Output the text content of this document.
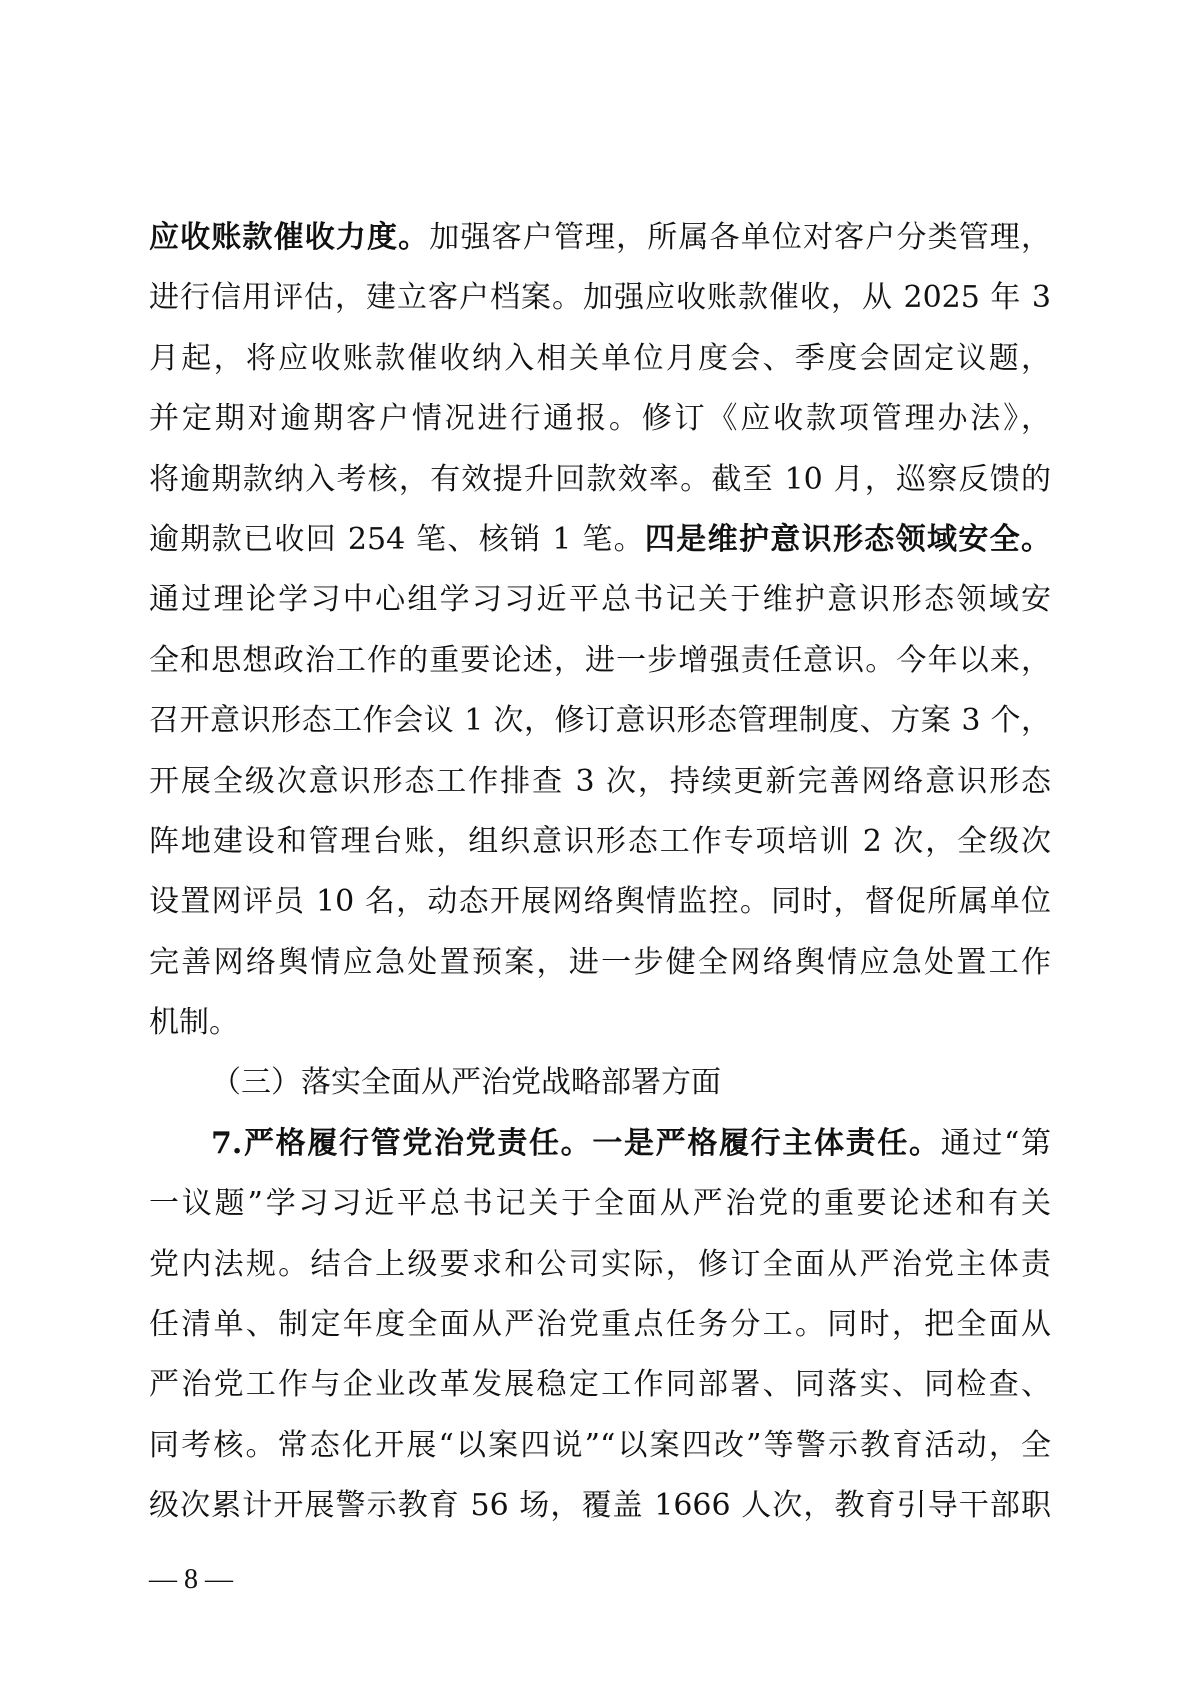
应收账款催收力度。加强客户管理，所属各单位对客户分类管理，
进行信用评估，建立客户档案。加强应收账款催收，从 2025 年 3
月起，将应收账款催收纳入相关单位月度会、季度会固定议题，
并定期对逾期客户情况进行通报。修订《应收款项管理办法》，
将逾期款纳入考核，有效提升回款效率。截至 10 月，巡察反馈的
逾期款已收回 254 笔、核销 1 笔。四是维护意识形态领域安全。
通过理论学习中心组学习习近平总书记关于维护意识形态领域安
全和思想政治工作的重要论述，进一步增强责任意识。今年以来，
召开意识形态工作会议 1 次，修订意识形态管理制度、方案 3 个，
开展全级次意识形态工作排查 3 次，持续更新完善网络意识形态
阵地建设和管理台账，组织意识形态工作专项培训 2 次，全级次
设置网评员 10 名，动态开展网络舆情监控。同时，督促所属单位
完善网络舆情应急处置预案，进一步健全网络舆情应急处置工作
机制。
（三）落实全面从严治党战略部署方面
7.严格履行管党治党责任。一是严格履行主体责任。通过“第
一议题”学习习近平总书记关于全面从严治党的重要论述和有关
党内法规。结合上级要求和公司实际，修订全面从严治党主体责
任清单、制定年度全面从严治党重点任务分工。同时，把全面从
严治党工作与企业改革发展稳定工作同部署、同落实、同检查、
同考核。常态化开展“以案四说”“以案四改”等警示教育活动，全
级次累计开展警示教育 56 场，覆盖 1666 人次，教育引导干部职
— 8 —
